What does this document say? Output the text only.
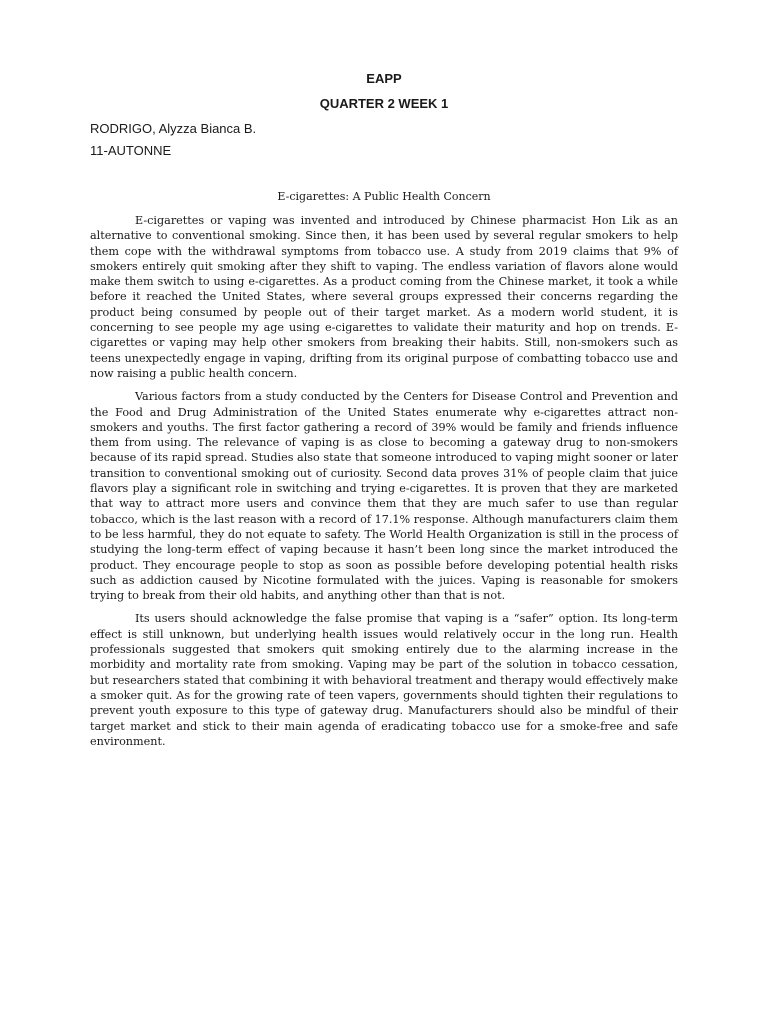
EAPP

QUARTER 2 WEEK 1

RODRIGO, Alyzza Bianca B.

11-AUTONNE

E-cigarettes: A Public Health Concern

E-cigarettes or vaping was invented and introduced by Chinese pharmacist Hon Lik as an alternative to conventional smoking. Since then, it has been used by several regular smokers to help them cope with the withdrawal symptoms from tobacco use. A study from 2019 claims that 9% of smokers entirely quit smoking after they shift to vaping. The endless variation of flavors alone would make them switch to using e-cigarettes. As a product coming from the Chinese market, it took a while before it reached the United States, where several groups expressed their concerns regarding the product being consumed by people out of their target market. As a modern world student, it is concerning to see people my age using e-cigarettes to validate their maturity and hop on trends. E-cigarettes or vaping may help other smokers from breaking their habits. Still, non-smokers such as teens unexpectedly engage in vaping, drifting from its original purpose of combatting tobacco use and now raising a public health concern.

Various factors from a study conducted by the Centers for Disease Control and Prevention and the Food and Drug Administration of the United States enumerate why e-cigarettes attract non-smokers and youths. The first factor gathering a record of 39% would be family and friends influence them from using. The relevance of vaping is as close to becoming a gateway drug to non-smokers because of its rapid spread. Studies also state that someone introduced to vaping might sooner or later transition to conventional smoking out of curiosity. Second data proves 31% of people claim that juice flavors play a significant role in switching and trying e-cigarettes. It is proven that they are marketed that way to attract more users and convince them that they are much safer to use than regular tobacco, which is the last reason with a record of 17.1% response. Although manufacturers claim them to be less harmful, they do not equate to safety. The World Health Organization is still in the process of studying the long-term effect of vaping because it hasn’t been long since the market introduced the product. They encourage people to stop as soon as possible before developing potential health risks such as addiction caused by Nicotine formulated with the juices. Vaping is reasonable for smokers trying to break from their old habits, and anything other than that is not.

Its users should acknowledge the false promise that vaping is a “safer” option. Its long-term effect is still unknown, but underlying health issues would relatively occur in the long run. Health professionals suggested that smokers quit smoking entirely due to the alarming increase in the morbidity and mortality rate from smoking. Vaping may be part of the solution in tobacco cessation, but researchers stated that combining it with behavioral treatment and therapy would effectively make a smoker quit. As for the growing rate of teen vapers, governments should tighten their regulations to prevent youth exposure to this type of gateway drug. Manufacturers should also be mindful of their target market and stick to their main agenda of eradicating tobacco use for a smoke-free and safe environment.
